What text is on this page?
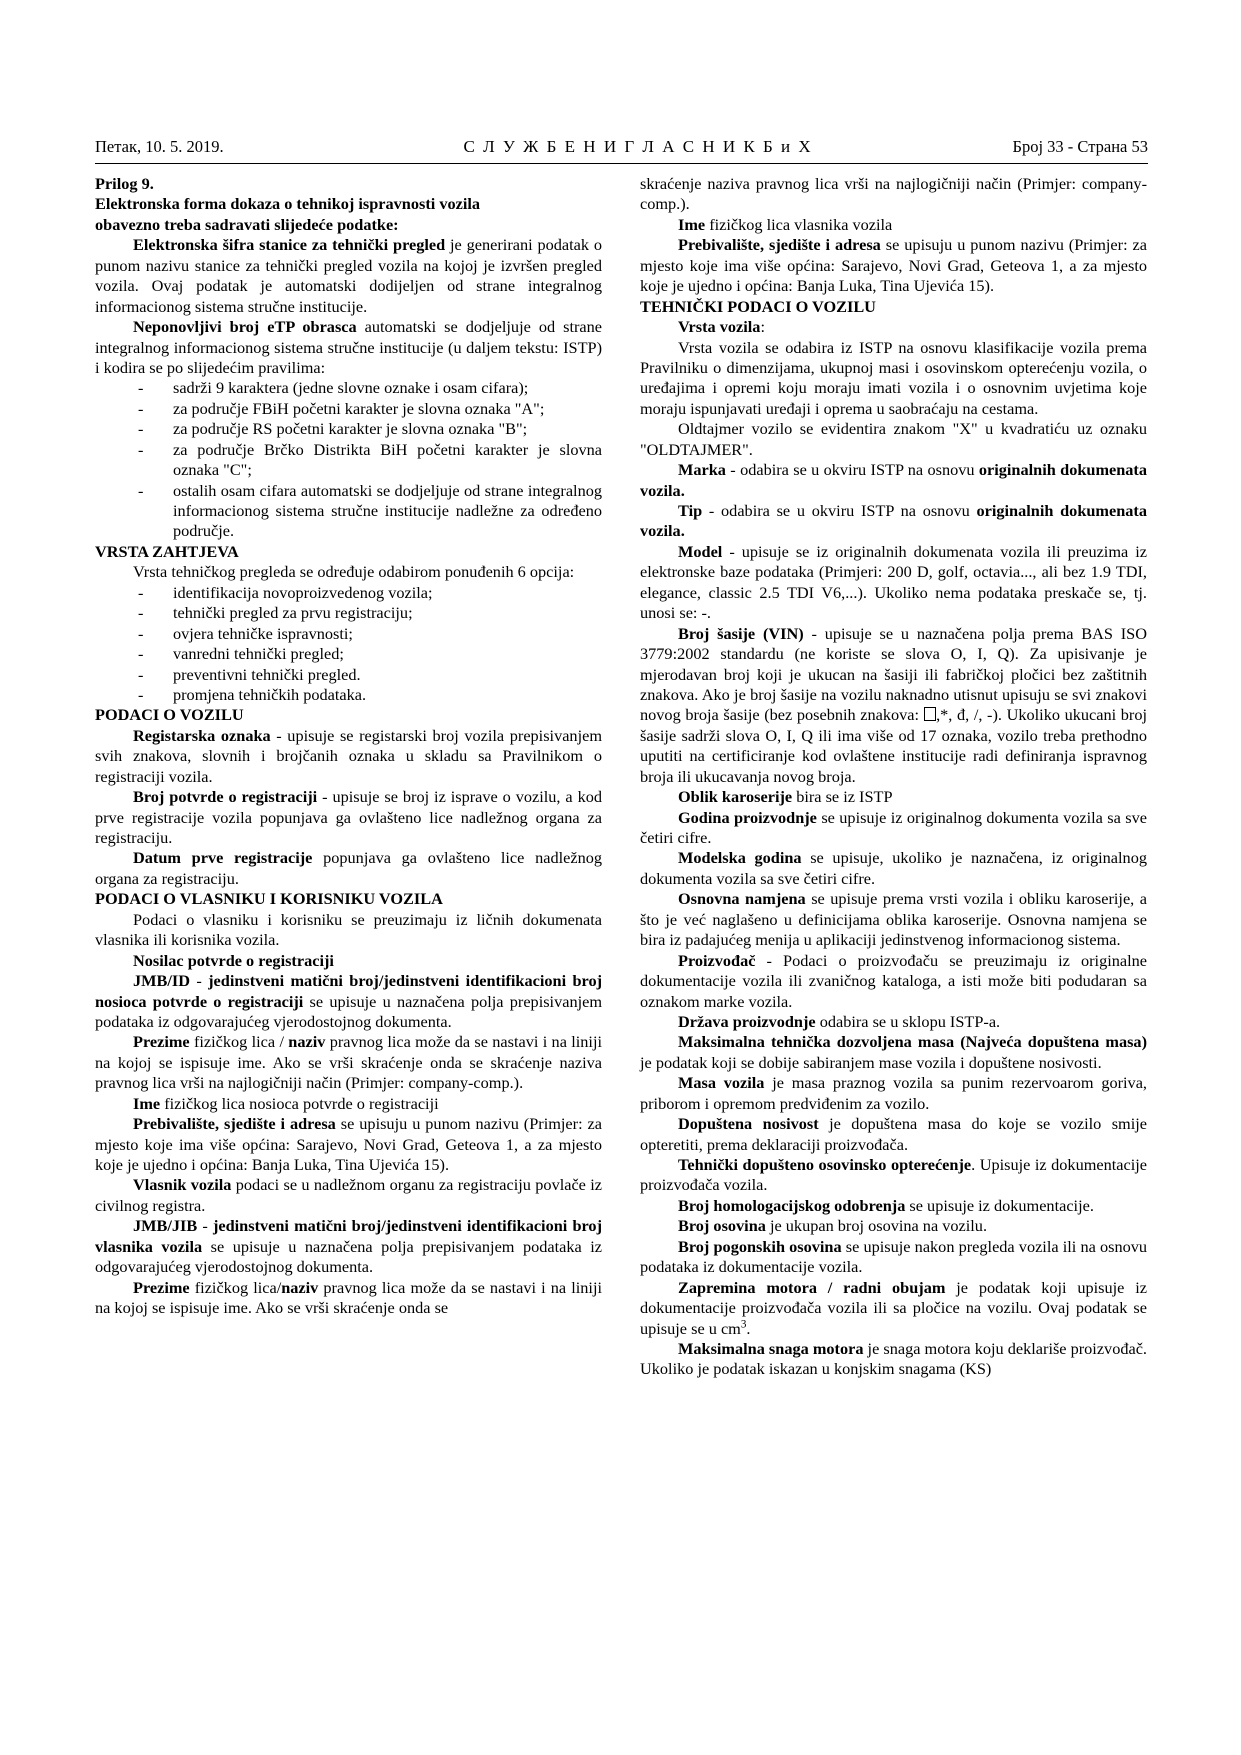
Петак, 10. 5. 2019.	С Л У Ж Б Е Н И Г Л А С Н И К Б и Х	Број 33 - Страна 53

Prilog 9.

Elektronska forma dokaza o tehnikoj ispravnosti vozila

obavezno treba sadravati slijedeće podatke:

Elektronska šifra stanice za tehnički pregled je generirani podatak o punom nazivu stanice za tehnički pregled vozila na kojoj je izvršen pregled vozila. Ovaj podatak je automatski dodijeljen od strane integralnog informacionog sistema stručne institucije.

Neponovljivi broj eTP obrasca automatski se dodjeljuje od strane integralnog informacionog sistema stručne institucije (u daljem tekstu: ISTP) i kodira se po slijedećim pravilima:

- sadrži 9 karaktera (jedne slovne oznake i osam cifara);
- za područje FBiH početni karakter je slovna oznaka "A";
- za područje RS početni karakter je slovna oznaka "B";
- za područje Brčko Distrikta BiH početni karakter je slovna oznaka "C";
- ostalih osam cifara automatski se dodjeljuje od strane integralnog informacionog sistema stručne institucije nadležne za određeno područje.
VRSTA ZAHTJEVA

Vrsta tehničkog pregleda se određuje odabirom ponuđenih 6 opcija:

- identifikacija novoproizvedenog vozila;
- tehnički pregled za prvu registraciju;
- ovjera tehničke ispravnosti;
- vanredni tehnički pregled;
- preventivni tehnički pregled.
- promjena tehničkih podataka.
PODACI O VOZILU

Registarska oznaka - upisuje se registarski broj vozila prepisivanjem svih znakova, slovnih i brojčanih oznaka u skladu sa Pravilnikom o registraciji vozila.

Broj potvrde o registraciji - upisuje se broj iz isprave o vozilu, a kod prve registracije vozila popunjava ga ovlašteno lice nadležnog organa za registraciju.

Datum prve registracije popunjava ga ovlašteno lice nadležnog organa za registraciju.

PODACI O VLASNIKU I KORISNIKU VOZILA

Podaci o vlasniku i korisniku se preuzimaju iz ličnih dokumenata vlasnika ili korisnika vozila.

Nosilac potvrde o registraciji

JMB/ID - jedinstveni matični broj/jedinstveni identifikacioni broj nosioca potvrde o registraciji se upisuje u naznačena polja prepisivanjem podataka iz odgovarajućeg vjerodostojnog dokumenta.

Prezime fizičkog lica / naziv pravnog lica može da se nastavi i na liniji na kojoj se ispisuje ime. Ako se vrši skraćenje onda se skraćenje naziva pravnog lica vrši na najlogičniji način (Primjer: company-comp.).

Ime fizičkog lica nosioca potvrde o registraciji

Prebivalište, sjedište i adresa se upisuju u punom nazivu (Primjer: za mjesto koje ima više općina: Sarajevo, Novi Grad, Geteova 1, a za mjesto koje je ujedno i općina: Banja Luka, Tina Ujevića 15).

Vlasnik vozila podaci se u nadležnom organu za registraciju povlače iz civilnog registra.

JMB/JIB - jedinstveni matični broj/jedinstveni identifikacioni broj vlasnika vozila se upisuje u naznačena polja prepisivanjem podataka iz odgovarajućeg vjerodostojnog dokumenta.

Prezime fizičkog lica/naziv pravnog lica može da se nastavi i na liniji na kojoj se ispisuje ime. Ako se vrši skraćenje onda se

skraćenje naziva pravnog lica vrši na najlogičniji način (Primjer: company-comp.).

Ime fizičkog lica vlasnika vozila

Prebivalište, sjedište i adresa se upisuju u punom nazivu (Primjer: za mjesto koje ima više općina: Sarajevo, Novi Grad, Geteova 1, a za mjesto koje je ujedno i općina: Banja Luka, Tina Ujevića 15).

TEHNIČKI PODACI O VOZILU

Vrsta vozila:

Vrsta vozila se odabira iz ISTP na osnovu klasifikacije vozila prema Pravilniku o dimenzijama, ukupnoj masi i osovinskom opterećenju vozila, o uređajima i opremi koju moraju imati vozila i o osnovnim uvjetima koje moraju ispunjavati uređaji i oprema u saobraćaju na cestama.

Oldtajmer vozilo se evidentira znakom "X" u kvadratiću uz oznaku "OLDTAJMER".

Marka - odabira se u okviru ISTP na osnovu originalnih dokumenata vozila.

Tip - odabira se u okviru ISTP na osnovu originalnih dokumenata vozila.

Model - upisuje se iz originalnih dokumenata vozila ili preuzima iz elektronske baze podataka (Primjeri: 200 D, golf, octavia..., ali bez 1.9 TDI, elegance, classic 2.5 TDI V6,...). Ukoliko nema podataka preskače se, tj. unosi se: -.

Broj šasije (VIN) - upisuje se u naznačena polja prema BAS ISO 3779:2002 standardu (ne koriste se slova O, I, Q). Za upisivanje je mjerodavan broj koji je ukucan na šasiji ili fabričkoj pločici bez zaštitnih znakova. Ako je broj šasije na vozilu naknadno utisnut upisuju se svi znakovi novog broja šasije (bez posebnih znakova: ,*, đ, /, -). Ukoliko ukucani broj šasije sadrži slova O, I, Q ili ima više od 17 oznaka, vozilo treba prethodno uputiti na certificiranje kod ovlaštene institucije radi definiranja ispravnog broja ili ukucavanja novog broja.

Oblik karoserije bira se iz ISTP

Godina proizvodnje se upisuje iz originalnog dokumenta vozila sa sve četiri cifre.

Modelska godina se upisuje, ukoliko je naznačena, iz originalnog dokumenta vozila sa sve četiri cifre.

Osnovna namjena se upisuje prema vrsti vozila i obliku karoserije, a što je već naglašeno u definicijama oblika karoserije. Osnovna namjena se bira iz padajućeg menija u aplikaciji jedinstvenog informacionog sistema.

Proizvođač - Podaci o proizvođaču se preuzimaju iz originalne dokumentacije vozila ili zvaničnog kataloga, a isti može biti podudaran sa oznakom marke vozila.

Država proizvodnje odabira se u sklopu ISTP-a.

Maksimalna tehnička dozvoljena masa (Najveća dopuštena masa) je podatak koji se dobije sabiranjem mase vozila i dopuštene nosivosti.

Masa vozila je masa praznog vozila sa punim rezervoarom goriva, priborom i opremom predviđenim za vozilo.

Dopuštena nosivost je dopuštena masa do koje se vozilo smije opteretiti, prema deklaraciji proizvođača.

Tehnički dopušteno osovinsko opterećenje. Upisuje iz dokumentacije proizvođača vozila.

Broj homologacijskog odobrenja se upisuje iz dokumentacije.

Broj osovina je ukupan broj osovina na vozilu.

Broj pogonskih osovina se upisuje nakon pregleda vozila ili na osnovu podataka iz dokumentacije vozila.

Zapremina motora / radni obujam je podatak koji upisuje iz dokumentacije proizvođača vozila ili sa pločice na vozilu. Ovaj podatak se upisuje se u $cm^3$.

Maksimalna snaga motora je snaga motora koju deklariše proizvođač. Ukoliko je podatak iskazan u konjskim snagama (KS)
